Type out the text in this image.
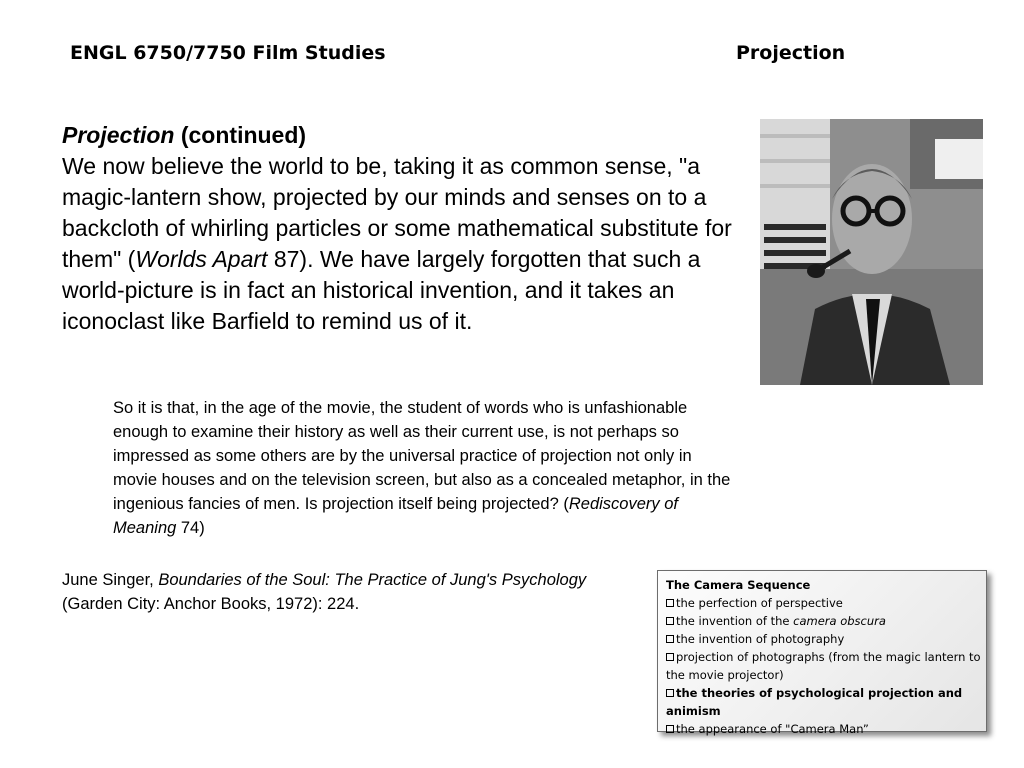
ENGL 6750/7750 Film Studies	Projection
Projection (continued)

We now believe the world to be, taking it as common sense, "a magic-lantern show, projected by our minds and senses on to a backcloth of whirling particles or some mathematical substitute for them" (Worlds Apart 87). We have largely forgotten that such a world-picture is in fact an historical invention, and it takes an iconoclast like Barfield to remind us of it.

So it is that, in the age of the movie, the student of words who is unfashionable enough to examine their history as well as their current use, is not perhaps so impressed as some others are by the universal practice of projection not only in movie houses and on the television screen, but also as a concealed metaphor, in the ingenious fancies of men. Is projection itself being projected? (Rediscovery of Meaning 74)
June Singer, Boundaries of the Soul: The Practice of Jung's Psychology (Garden City: Anchor Books, 1972): 224.
The Camera Sequence
the perfection of perspective
the invention of the camera obscura
the invention of photography
projection of photographs (from the magic lantern to the movie projector)
the theories of psychological projection and animism
the appearance of "Camera Man”
